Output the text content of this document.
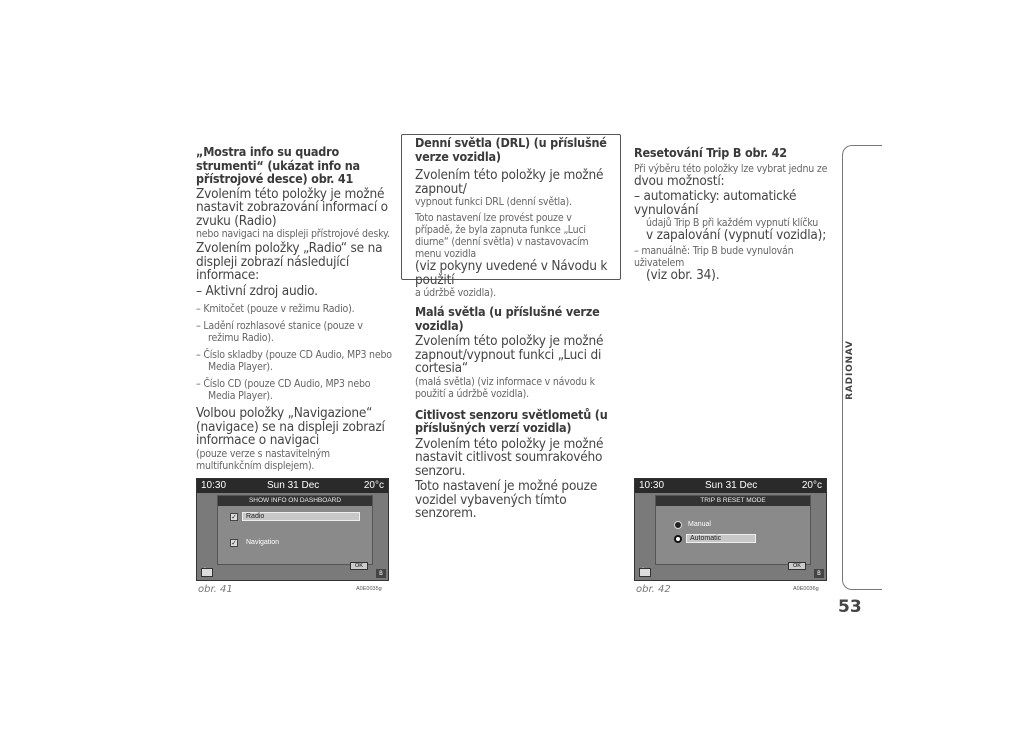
„Mostra info su quadro strumenti“ (ukázat info na přístrojové desce) obr. 41

Zvolením této položky je možné nastavit zobrazování informací o zvuku (Radio)

nebo navigaci na displeji přístrojové desky.

Zvolením položky „Radio“ se na displeji zobrazí následující informace:

– Aktivní zdroj audio.

– Kmitočet (pouze v režimu Radio).

– Ladění rozhlasové stanice (pouze v režimu Radio).

– Číslo skladby (pouze CD Audio, MP3 nebo Media Player).

– Číslo CD (pouze CD Audio, MP3 nebo Media Player).

Volbou položky „Navigazione“ (navigace) se na displeji zobrazí informace o navigaci

(pouze verze s nastavitelným multifunkčním displejem).

Denní světla (DRL) (u příslušné verze vozidla)

Zvolením této položky je možné zapnout/

vypnout funkci DRL (denní světla).

Toto nastavení lze provést pouze v případě, že byla zapnuta funkce „Luci diurne“ (denní světla) v nastavovacím menu vozidla

(viz pokyny uvedené v Návodu k použití

a údržbě vozidla).

Malá světla (u příslušné verze vozidla)

Zvolením této položky je možné zapnout/vypnout funkci „Luci di cortesia“

(malá světla) (viz informace v návodu k použití a údržbě vozidla).

Citlivost senzoru světlometů (u příslušných verzí vozidla)

Zvolením této položky je možné nastavit citlivost soumrakového senzoru.

Toto nastavení je možné pouze vozidel vybavených tímto senzorem.

Resetování Trip B obr. 42

Při výběru této položky lze vybrat jednu ze

dvou možností:

– automaticky: automatické vynulování

údajů Trip B při každém vypnutí klíčku

v zapalování (vypnutí vozidla);

– manuálně: Trip B bude vynulován uživatelem

(viz obr. 34).

10:30	Sun 31 Dec	20°c
SHOW INFO ON DASHBOARD
✓	Radio
✓ Navigation
OK
B
obr. 41	A0E0035g
10:30	Sun 31 Dec	20°c
TRIP B RESET MODE
Manual
Automatic
OK
B
obr. 42	A0E0036g
RADIONAV
53
